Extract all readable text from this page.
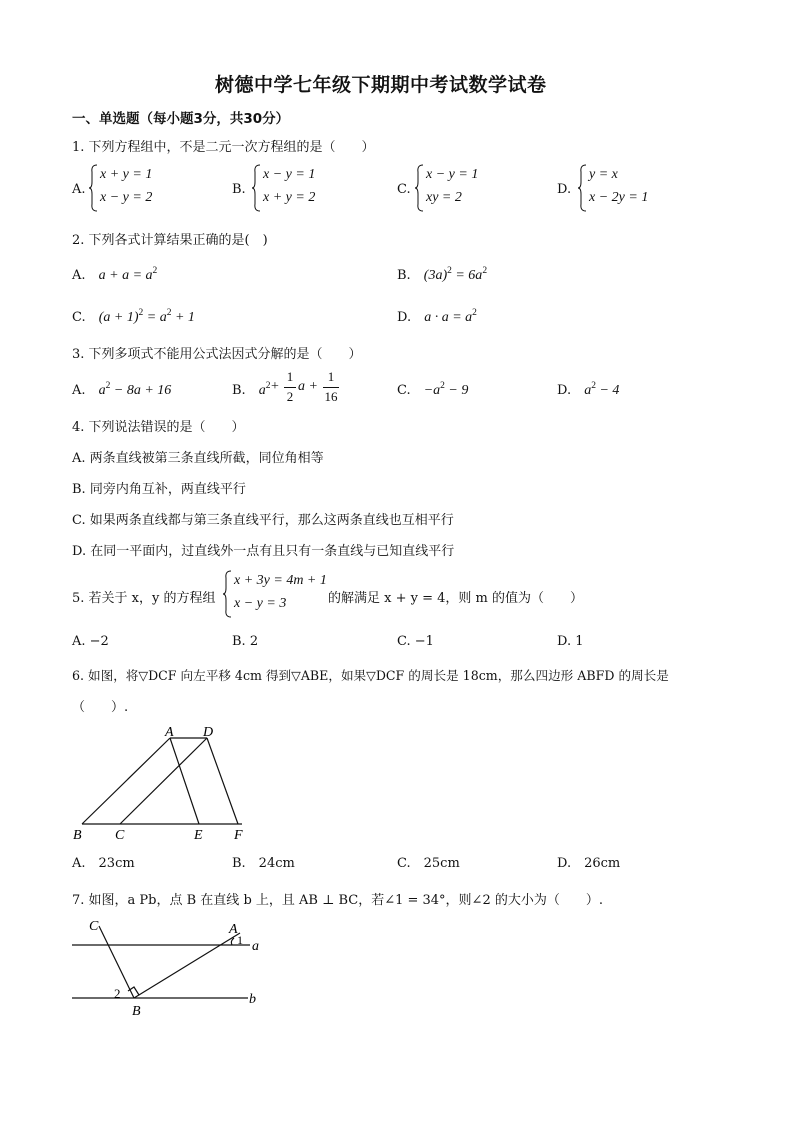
树德中学七年级下期期中考试数学试卷
一、单选题（每小题3分，共30分）
1. 下列方程组中，不是二元一次方程组的是（　　）
A.
x + y = 1
x − y = 2
B.
x − y = 1
x + y = 2
C.
x − y = 1
xy = 2
D.
y = x
x − 2y = 1
2. 下列各式计算结果正确的是(　)
A. $a + a = a^2$	B. $(3a)^2 = 6a^2$
C. $(a + 1)^2 = a^2 + 1$	D. $a \cdot a = a^2$
3. 下列多项式不能用公式法因式分解的是（　　）
A. $a^2 - 8a + 16$	B. $a^2$ +
1
2
a +
1
16	C. $-a^2 - 9$	D. $a^2 - 4$
4. 下列说法错误的是（　　）
A. 两条直线被第三条直线所截，同位角相等
B. 同旁内角互补，两直线平行
C. 如果两条直线都与第三条直线平行，那么这两条直线也互相平行
D. 在同一平面内，过直线外一点有且只有一条直线与已知直线平行
5. 若关于 x，y 的方程组
x + 3y = 4m + 1
x − y = 3	的解满足 x + y = 4，则 m 的值为（　　）
A. −2	B. 2	C. −1	D. 1
6. 如图，将▽DCF 向左平移 4cm 得到▽ABE，如果▽DCF 的周长是 18cm，那么四边形 ABFD 的周长是
（　　）.
A D
B C	E F
A.　23cm	B.　24cm	C.　25cm	D.　26cm
7. 如图，a Pb，点 B 在直线 b 上，且 AB ⊥ BC，若∠1 = 34°，则∠2 的大小为（　　）.
C	A
a
1
2
B
b
